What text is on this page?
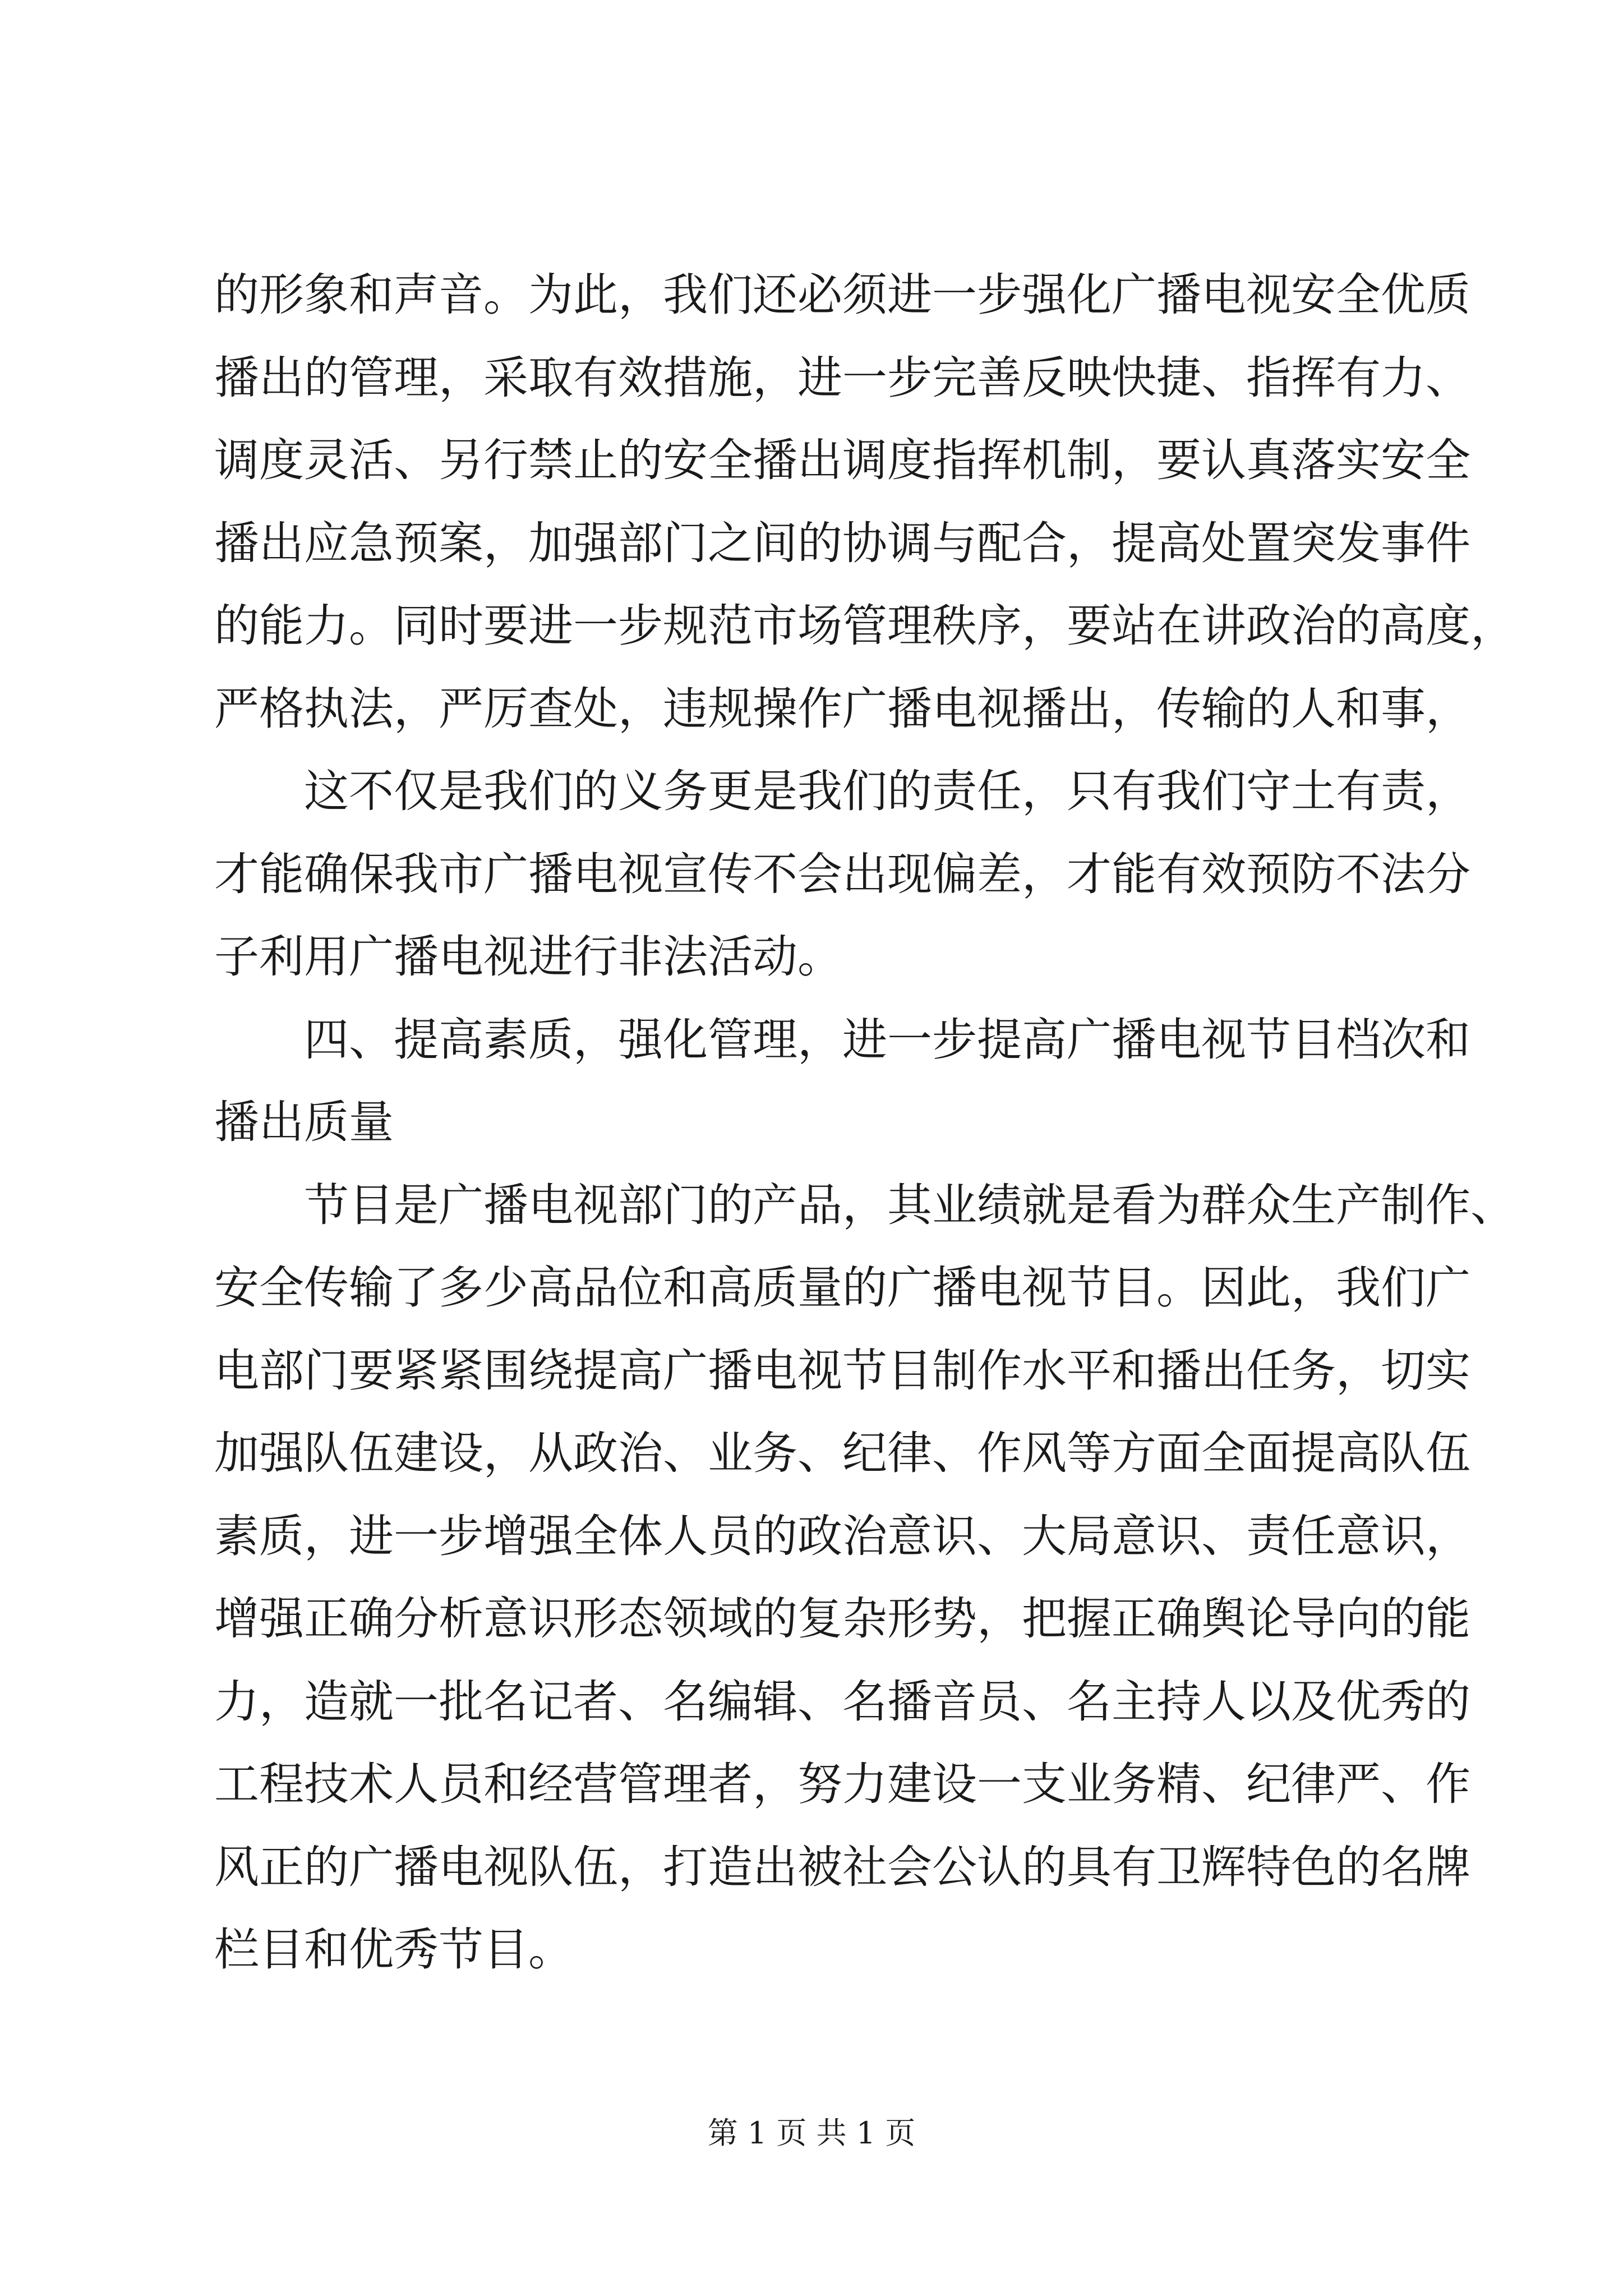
的形象和声音。为此，我们还必须进一步强化广播电视安全优质
播出的管理，采取有效措施，进一步完善反映快捷、指挥有力、
调度灵活、另行禁止的安全播出调度指挥机制，要认真落实安全
播出应急预案，加强部门之间的协调与配合，提高处置突发事件
的能力。同时要进一步规范市场管理秩序，要站在讲政治的高度，
严格执法，严厉查处，违规操作广播电视播出，传输的人和事，
这不仅是我们的义务更是我们的责任，只有我们守土有责，
才能确保我市广播电视宣传不会出现偏差，才能有效预防不法分
子利用广播电视进行非法活动。
四、提高素质，强化管理，进一步提高广播电视节目档次和
播出质量
节目是广播电视部门的产品，其业绩就是看为群众生产制作、
安全传输了多少高品位和高质量的广播电视节目。因此，我们广
电部门要紧紧围绕提高广播电视节目制作水平和播出任务，切实
加强队伍建设，从政治、业务、纪律、作风等方面全面提高队伍
素质，进一步增强全体人员的政治意识、大局意识、责任意识，
增强正确分析意识形态领域的复杂形势，把握正确舆论导向的能
力，造就一批名记者、名编辑、名播音员、名主持人以及优秀的
工程技术人员和经营管理者，努力建设一支业务精、纪律严、作
风正的广播电视队伍，打造出被社会公认的具有卫辉特色的名牌
栏目和优秀节目。
第 1 页 共 1 页
